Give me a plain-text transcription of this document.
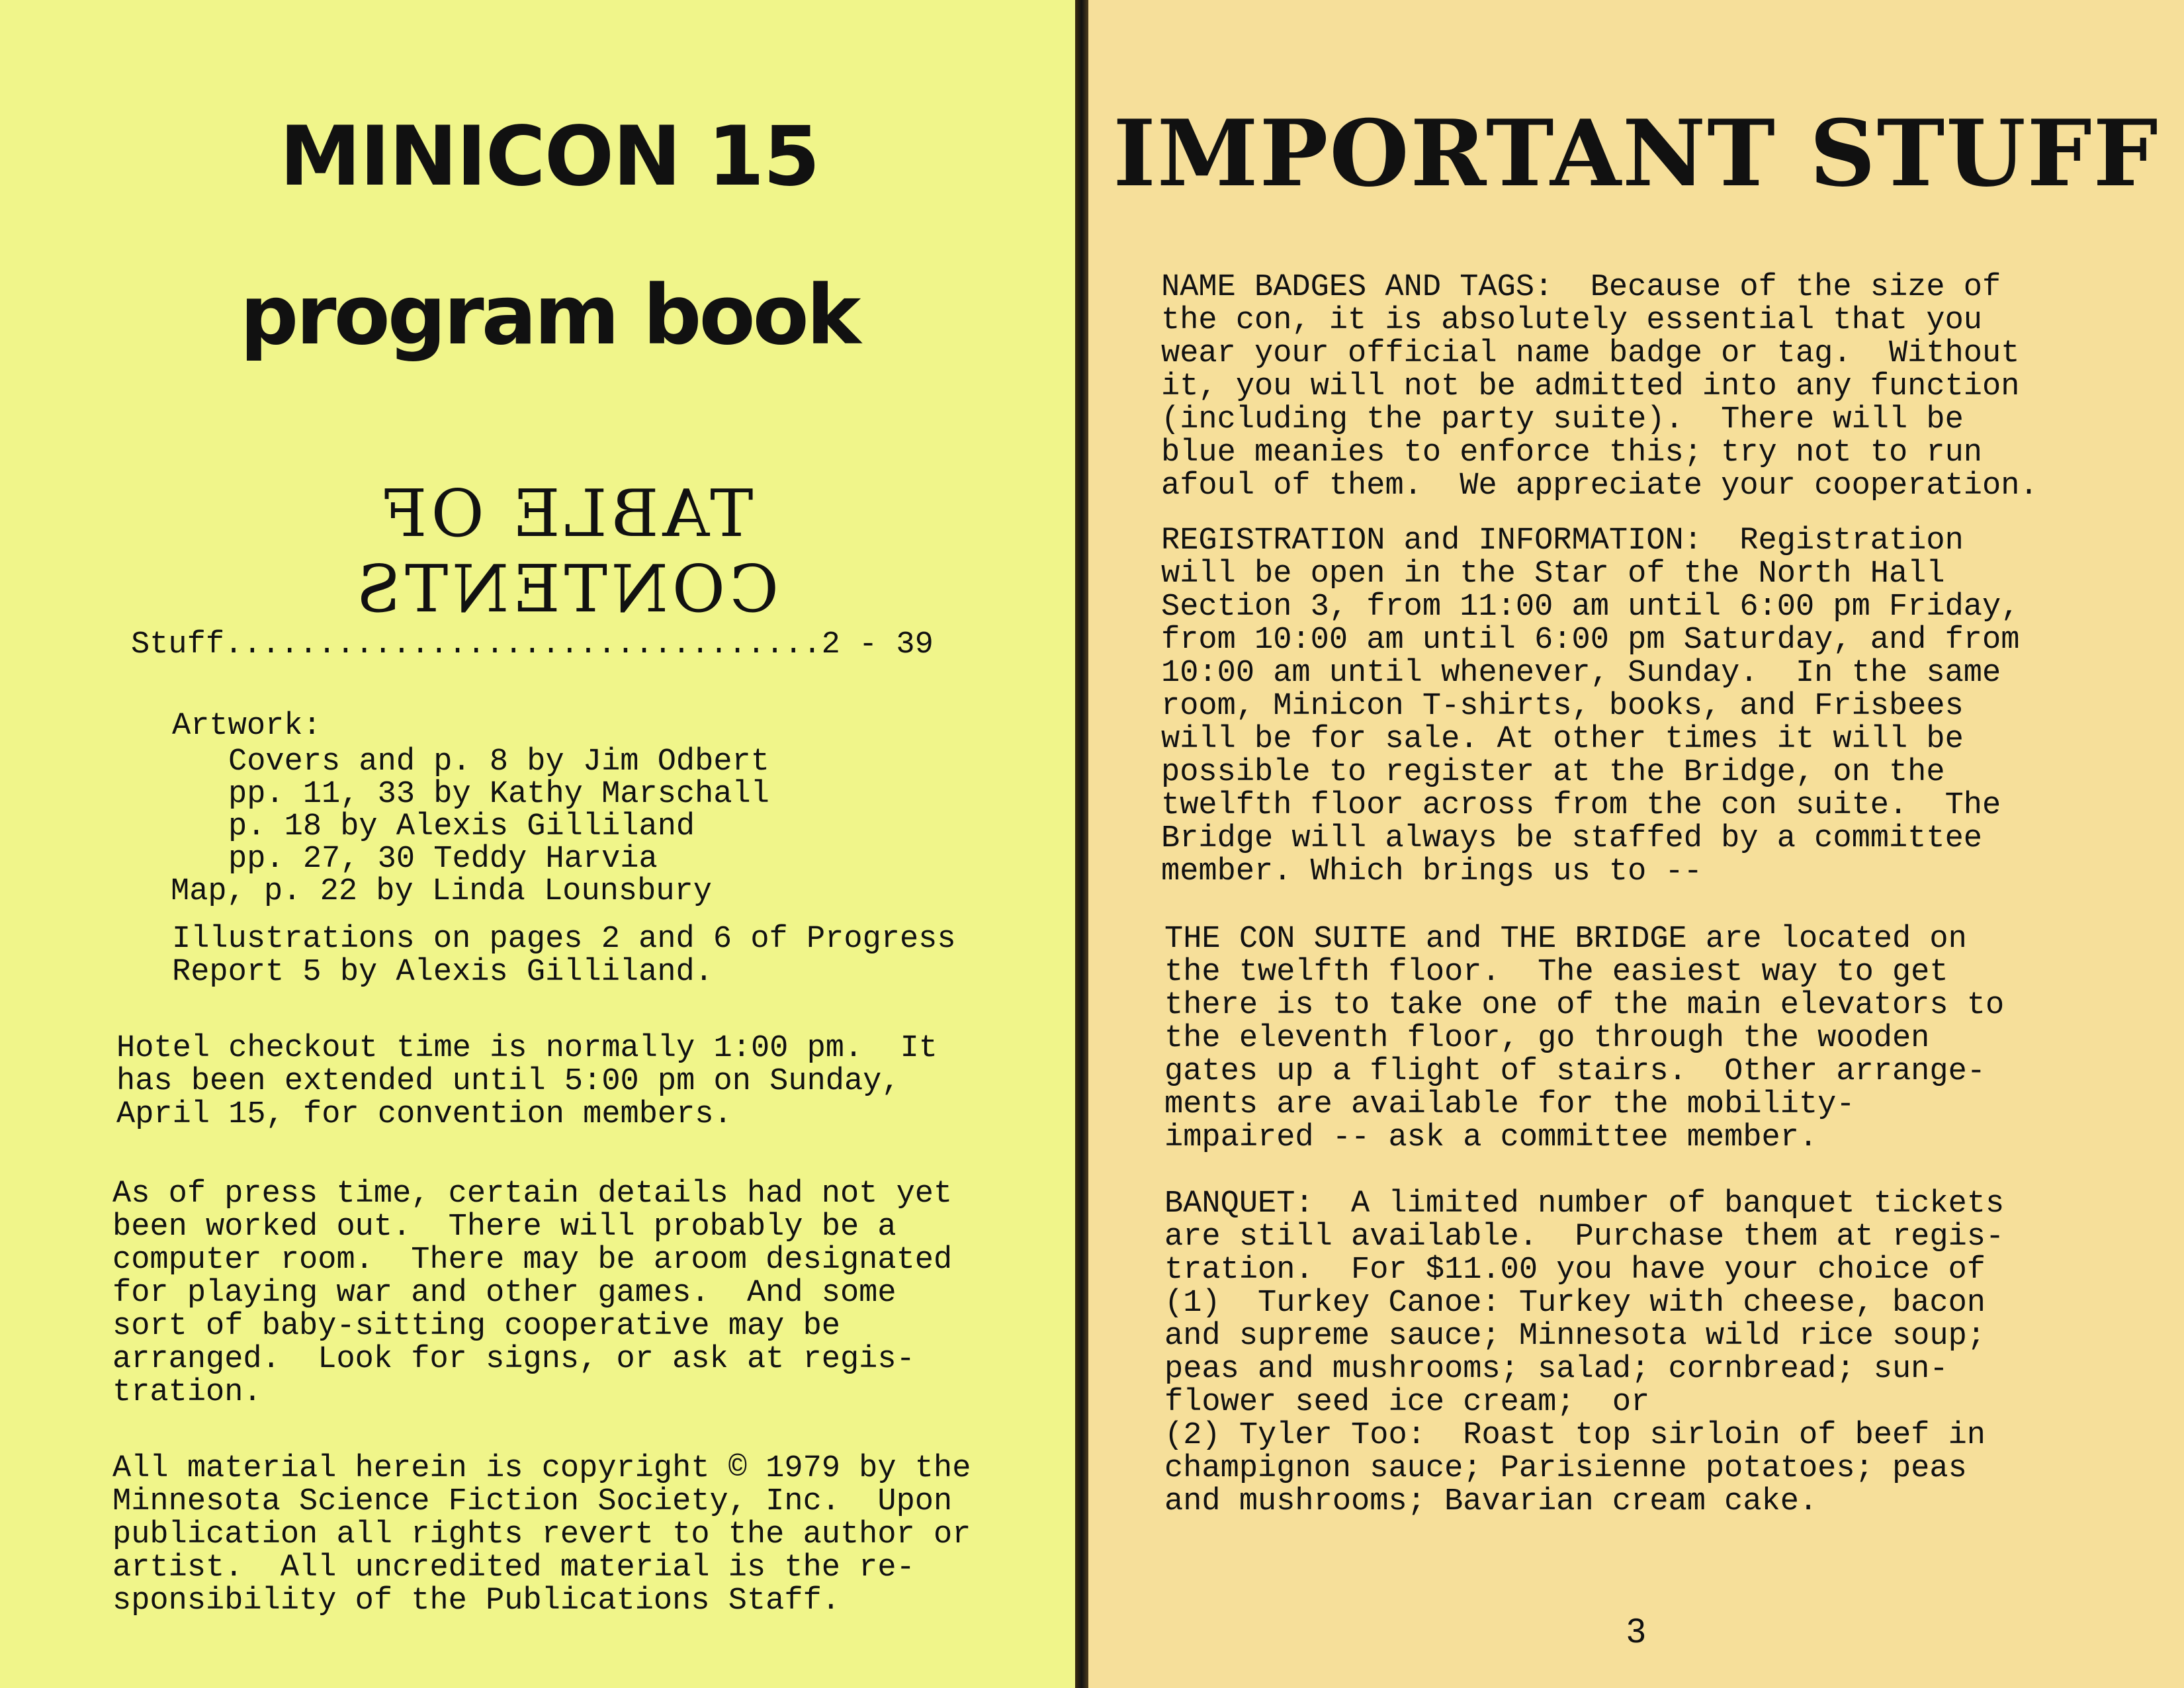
MINICON 15
program book
TABLE OF CONTENTS
Stuff................................2 - 39
Artwork:
Covers and p. 8 by Jim Odbert
pp. 11, 33 by Kathy Marschall
p. 18 by Alexis Gilliland
pp. 27, 30 Teddy Harvia
Map, p. 22 by Linda Lounsbury
Illustrations on pages 2 and 6 of Progress
Report 5 by Alexis Gilliland.
Hotel checkout time is normally 1:00 pm.  It
has been extended until 5:00 pm on Sunday,
April 15, for convention members.
As of press time, certain details had not yet
been worked out.  There will probably be a
computer room.  There may be aroom designated
for playing war and other games.  And some
sort of baby-sitting cooperative may be
arranged.  Look for signs, or ask at regis-
tration.
All material herein is copyright © 1979 by the
Minnesota Science Fiction Society, Inc.  Upon
publication all rights revert to the author or
artist.  All uncredited material is the re-
sponsibility of the Publications Staff.
IMPORTANT STUFF
NAME BADGES AND TAGS:  Because of the size of
the con, it is absolutely essential that you
wear your official name badge or tag.  Without
it, you will not be admitted into any function
(including the party suite).  There will be
blue meanies to enforce this; try not to run
afoul of them.  We appreciate your cooperation.
REGISTRATION and INFORMATION:  Registration
will be open in the Star of the North Hall
Section 3, from 11:00 am until 6:00 pm Friday,
from 10:00 am until 6:00 pm Saturday, and from
10:00 am until whenever, Sunday.  In the same
room, Minicon T-shirts, books, and Frisbees
will be for sale. At other times it will be
possible to register at the Bridge, on the
twelfth floor across from the con suite.  The
Bridge will always be staffed by a committee
member. Which brings us to --
THE CON SUITE and THE BRIDGE are located on
the twelfth floor.  The easiest way to get
there is to take one of the main elevators to
the eleventh floor, go through the wooden
gates up a flight of stairs.  Other arrange-
ments are available for the mobility-
impaired -- ask a committee member.
BANQUET:  A limited number of banquet tickets
are still available.  Purchase them at regis-
tration.  For $11.00 you have your choice of
(1)  Turkey Canoe: Turkey with cheese, bacon
and supreme sauce; Minnesota wild rice soup;
peas and mushrooms; salad; cornbread; sun-
flower seed ice cream;  or
(2) Tyler Too:  Roast top sirloin of beef in
champignon sauce; Parisienne potatoes; peas
and mushrooms; Bavarian cream cake.
3
